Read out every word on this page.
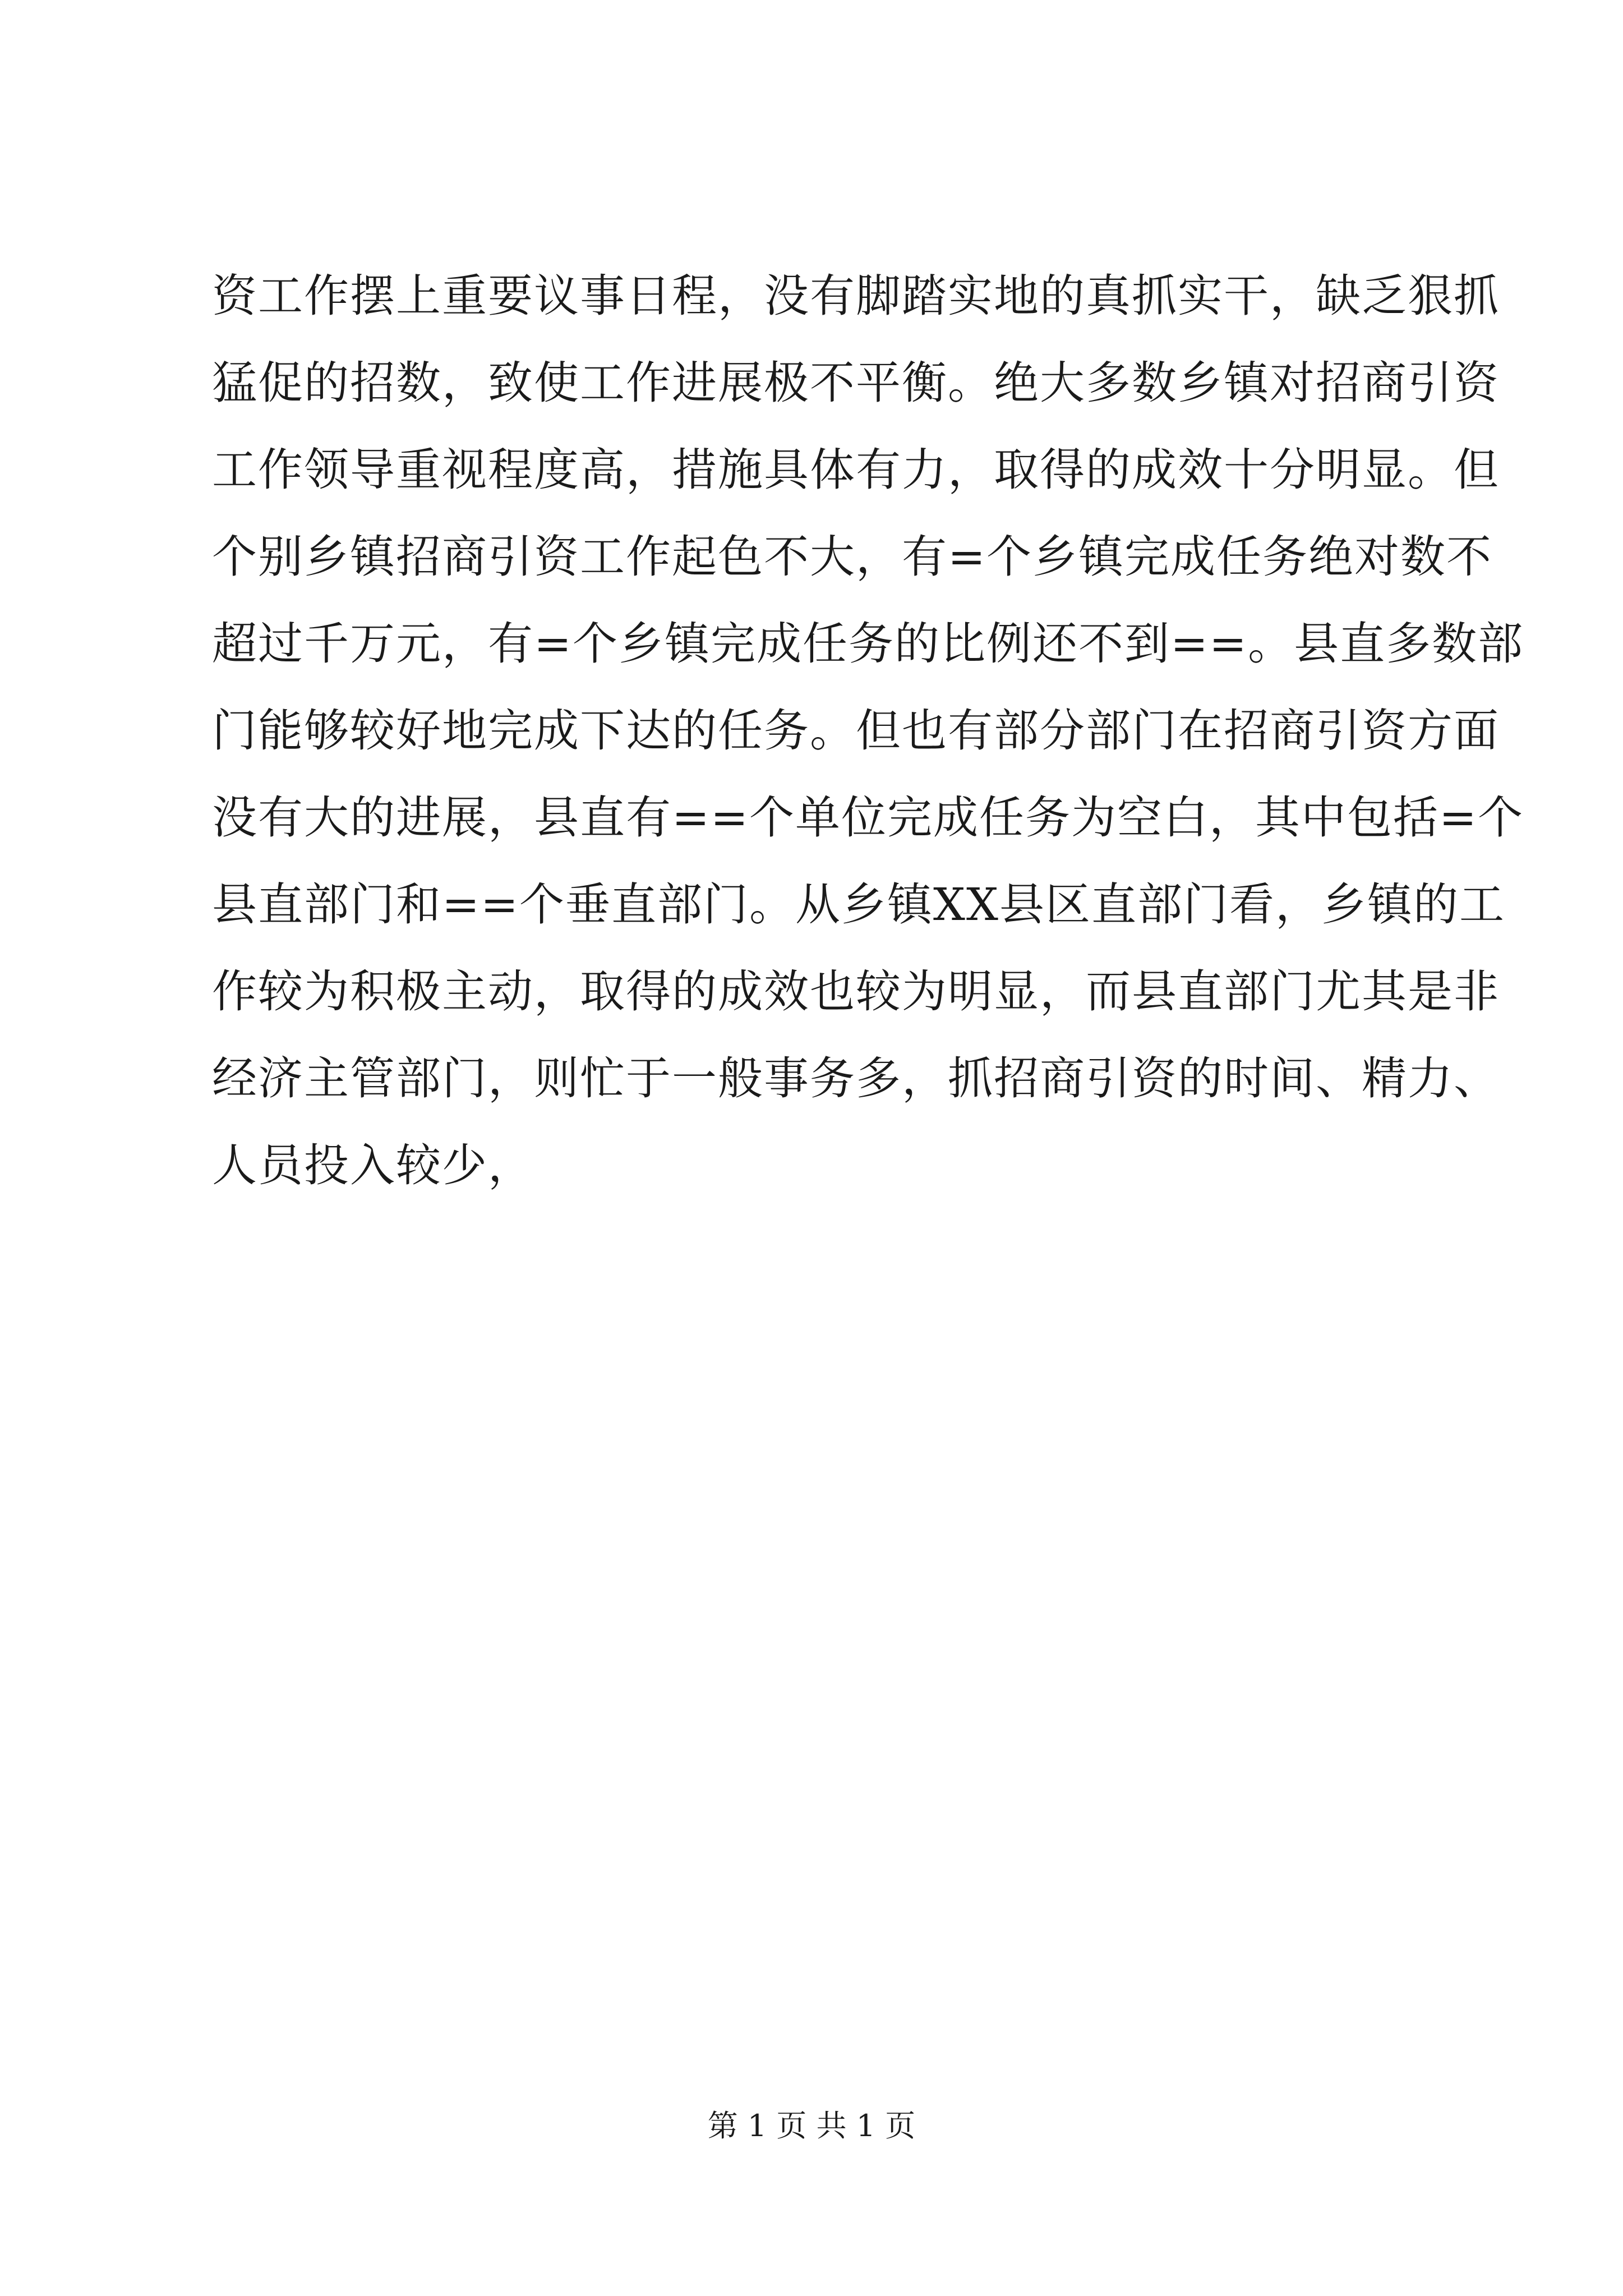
资工作摆上重要议事日程，没有脚踏实地的真抓实干，缺乏狠抓
猛促的招数，致使工作进展极不平衡。绝大多数乡镇对招商引资
工作领导重视程度高，措施具体有力，取得的成效十分明显。但
个别乡镇招商引资工作起色不大，有=个乡镇完成任务绝对数不
超过千万元，有=个乡镇完成任务的比例还不到==。县直多数部
门能够较好地完成下达的任务。但也有部分部门在招商引资方面
没有大的进展，县直有==个单位完成任务为空白，其中包括=个
县直部门和==个垂直部门。从乡镇XX县区直部门看，乡镇的工
作较为积极主动，取得的成效也较为明显，而县直部门尤其是非
经济主管部门，则忙于一般事务多，抓招商引资的时间、精力、
人员投入较少，
第 1 页 共 1 页
